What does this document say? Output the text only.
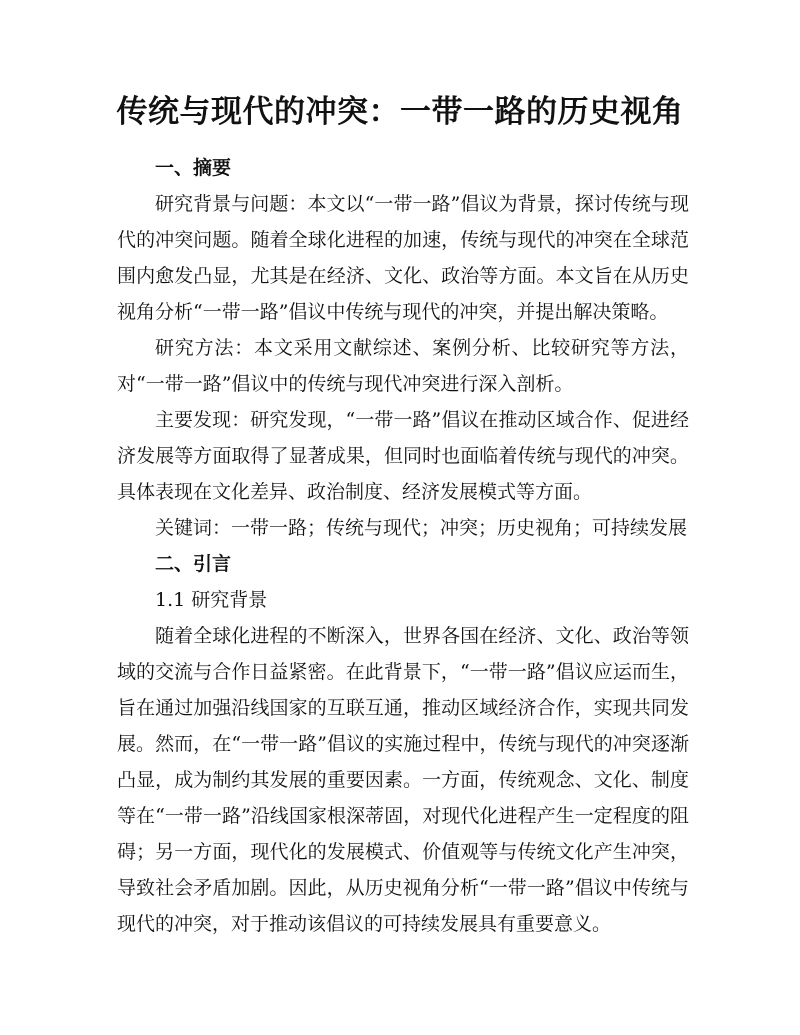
传统与现代的冲突：一带一路的历史视角

一、摘要

研究背景与问题：本文以“一带一路”倡议为背景，探讨传统与现代的冲突问题。随着全球化进程的加速，传统与现代的冲突在全球范围内愈发凸显，尤其是在经济、文化、政治等方面。本文旨在从历史视角分析“一带一路”倡议中传统与现代的冲突，并提出解决策略。

研究方法：本文采用文献综述、案例分析、比较研究等方法，对“一带一路”倡议中的传统与现代冲突进行深入剖析。

主要发现：研究发现，“一带一路”倡议在推动区域合作、促进经济发展等方面取得了显著成果，但同时也面临着传统与现代的冲突。具体表现在文化差异、政治制度、经济发展模式等方面。

关键词：一带一路；传统与现代；冲突；历史视角；可持续发展

二、引言

1.1 研究背景

随着全球化进程的不断深入，世界各国在经济、文化、政治等领域的交流与合作日益紧密。在此背景下，“一带一路”倡议应运而生，旨在通过加强沿线国家的互联互通，推动区域经济合作，实现共同发展。然而，在“一带一路”倡议的实施过程中，传统与现代的冲突逐渐凸显，成为制约其发展的重要因素。一方面，传统观念、文化、制度等在“一带一路”沿线国家根深蒂固，对现代化进程产生一定程度的阻碍；另一方面，现代化的发展模式、价值观等与传统文化产生冲突，导致社会矛盾加剧。因此，从历史视角分析“一带一路”倡议中传统与现代的冲突，对于推动该倡议的可持续发展具有重要意义。
